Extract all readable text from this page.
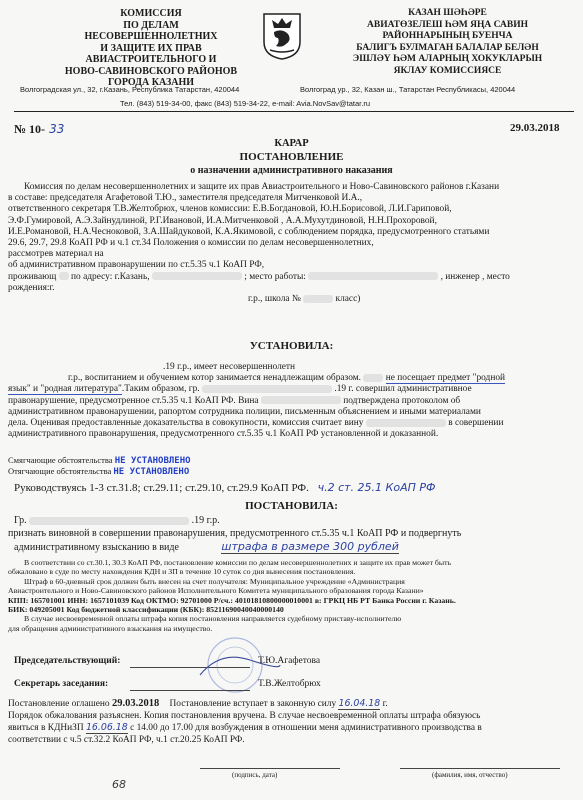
КОМИССИЯ
ПО ДЕЛАМ НЕСОВЕРШЕННОЛЕТНИХ
И ЗАЩИТЕ ИХ ПРАВ
АВИАСТРОИТЕЛЬНОГО И
НОВО-САВИНОВСКОГО РАЙОНОВ
ГОРОДА КАЗАНИ
КАЗАН ШӘҺӘРЕ
АВИАТӨЗЕЛЕШ ҺӘМ ЯҢА САВИН
РАЙОННАРЫНЫҢ БУЕНЧА
БАЛИГЪ БУЛМАГАН БАЛАЛАР БЕЛӘН
ЭШЛӘҮ ҺӘМ АЛАРНЫҢ ХОКУКЛАРЫН
ЯКЛАУ КОМИССИЯСЕ
Волгоградская ул., 32, г.Казань, Республика Татарстан, 420044	Волгоград ур., 32, Казан ш., Татарстан Республикасы, 420044
Тел. (843) 519-34-00, факс (843) 519-34-22, e-mail: Avia.NovSav@tatar.ru
№ 10- 33	29.03.2018
КАРАР
ПОСТАНОВЛЕНИЕ
о назначении административного наказания
Комиссия по делам несовершеннолетних и защите их прав Авиастроительного и Ново-Савиновского районов г.Казани
в составе: председателя Агафетовой Т.Ю., заместителя председателя Митченковой И.А.,
ответственного секретаря Т.В.Желтобрюх, членов комиссии: Е.В.Богдановой, Ю.Н.Борисовой, Л.И.Гариповой,
Э.Ф.Гумировой, А.Э.Зайнудлиной, Р.Г.Ивановой, И.А.Митченковой , А.А.Мухутдиновой, Н.Н.Прохоровой,
И.Е.Романовой, Н.А.Чесноковой, З.А.Шайдуковой, К.А.Якимовой, с соблюдением порядка, предусмотренного статьями
29.6, 29.7, 29.8 КоАП РФ и ч.1 ст.34 Положения о комиссии по делам несовершеннолетних,
рассмотрев материал на
об административном правонарушении по ст.5.35 ч.1 КоАП РФ,
проживающ по адресу: г.Казань,	; место работы:	, инженер , место
рождения:г.
г.р., школа №	класс)
УСТАНОВИЛА:
.19 г.р., имеет несовершеннолетн
г.р., воспитанием и обучением котор занимается ненадлежащим образом.	не посещает предмет "родной
язык" и "родная литература".Таким образом, гр.	.19 г. совершил административное
правонарушение, предусмотренное ст.5.35 ч.1 КоАП РФ. Вина	подтверждена протоколом об
административном правонарушении, рапортом сотрудника полиции, письменным объяснением и иными материалами
дела. Оценивая предоставленные доказательства в совокупности, комиссия считает вину	в совершении
административного правонарушения, предусмотренного ст.5.35 ч.1 КоАП РФ установленной и доказанной.
Смягчающие обстоятельства НЕ УСТАНОВЛЕНО
Отягчающие обстоятельства НЕ УСТАНОВЛЕНО
Руководствуясь 1-3 ст.31.8; ст.29.11; ст.29.10, ст.29.9 КоАП РФ. ч.2 ст. 25.1 КоАП РФ
ПОСТАНОВИЛА:
Гр.	.19 г.р.
признать виновной в совершении правонарушения, предусмотренного ст.5.35 ч.1 КоАП РФ и подвергнуть
административному взысканию в виде	штрафа в размере 300 рублей
В соответствии со ст.30.1, 30.3 КоАП РФ, постановление комиссии по делам несовершеннолетних и защите их прав может быть
обжаловано в суде по месту нахождения КДН и ЗП в течение 10 суток со дня вынесения постановления.
Штраф в 60-дневный срок должен быть внесен на счет получателя: Муниципальное учреждение «Администрация
Авиастроительного и Ново-Савиновского районов Исполнительного Комитета муниципального образования города Казани»
КПП: 165701001 ИНН: 1657101039 Код ОКТМО: 92701000 Р/сч.: 40101810800000010001 в: ГРКЦ НБ РТ Банка России г. Казань.
БИК: 049205001 Код бюджетной классификации (КБК): 85211690040040000140
В случае несвоевременной оплаты штрафа копия постановления направляется судебному приставу-исполнителю
для обращения административного взыскания на имущество.
Председательствующий:	Т.Ю.Агафетова
Секретарь заседания:	Т.В.Желтобрюх
Постановление оглашено 29.03.2018 Постановление вступает в законную силу 16.04.18 г.
Порядок обжалования разъяснен. Копия постановления вручена. В случае несвоевременной оплаты штрафа обязуюсь
явиться в КДНиЗП 16.06.18 с 14.00 до 17.00 для возбуждения в отношении меня административного производства в
соответствии с ч.5 ст.32.2 КоАП РФ, ч.1 ст.20.25 КоАП РФ.
(подпись, дата)	(фамилия, имя, отчество)
68
